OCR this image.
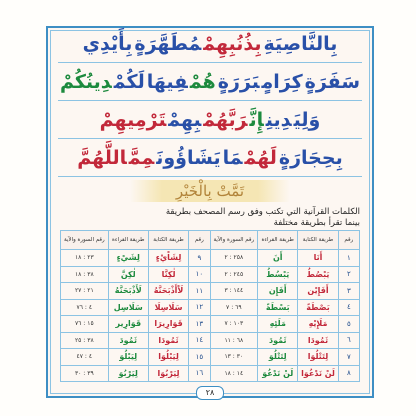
بِالنَّاصِيَةِبِذُنُبِهِمْمُطَهَّرَةٍبِأَيْدِي
سَفَرَةٍكِرَامٍبَرَرَةٍهُمْفِيهَالَكُمْدِينُكُمْ
وَلِيَدِينِإِنَّرَبَّهُمْبِهِمْتَرْمِيهِمْ
بِحِجَارَةٍلَهُمْمَايَشَاؤُونَمِمَّاللَّهُمَّ
تَمَّتْ بِالْخَيْرِ
الكلمات القرآنية التي تكتب وفق رسم المصحف بطريقة
بينما تقرأ بطريقة مختلفة
رقم	طريقة الكتابة	طريقة القراءة	رقم السورة والآية	رقم	طريقة الكتابة	طريقة القراءة	رقم السورة والآية
١	أَنَا	أَنَ	٢٥٨ : ٢	٩	لِشَاْيْءٍ	لِشَيْءٍ	٢٣ : ١٨
٢	يَبْصُطُ	يَبْسُطُ	٢٤٥ : ٢	١٠	لٰكِنَّا	لٰكِنَّ	٣٨ : ١٨
٣	أَفَإِيْن	أَفَإِن	١٤٤ : ٣	١١	لَاْأَذْبَحَنَّهُ	لَأَذْبَحَنَّهُ	٢١ : ٢٧
٤	بَصْطَةً	بَسْطَةً	٦٩ : ٧	١٢	سَلَاسِلَا	سَلَاسِل	٤ : ٧٦
٥	مَلَإِيْهِ	مَلَئِهِ	١٠٣ : ٧	١٣	قَوَارِيرَا	قَوَارِير	١٥ : ٧٦
٦	ثَمُودَا	ثَمُودَ	٦٨ : ١١	١٤	ثَمُودَا	ثَمُودَ	٣٨ : ٢٥
٧	لِتَتْلُوَا	لِتَتْلُوَ	٣٠ : ١٣	١٥	لِيَبْلُوَا	لِيَبْلُوَ	٤ : ٤٧
٨	لَنْ نَدْعُوَا	لَنْ نَدْعُوَ	١٤ : ١٨	١٦	لِيَرْبُوَا	لِيَرْبُوَ	٣٩ : ٣٠
٢٨
